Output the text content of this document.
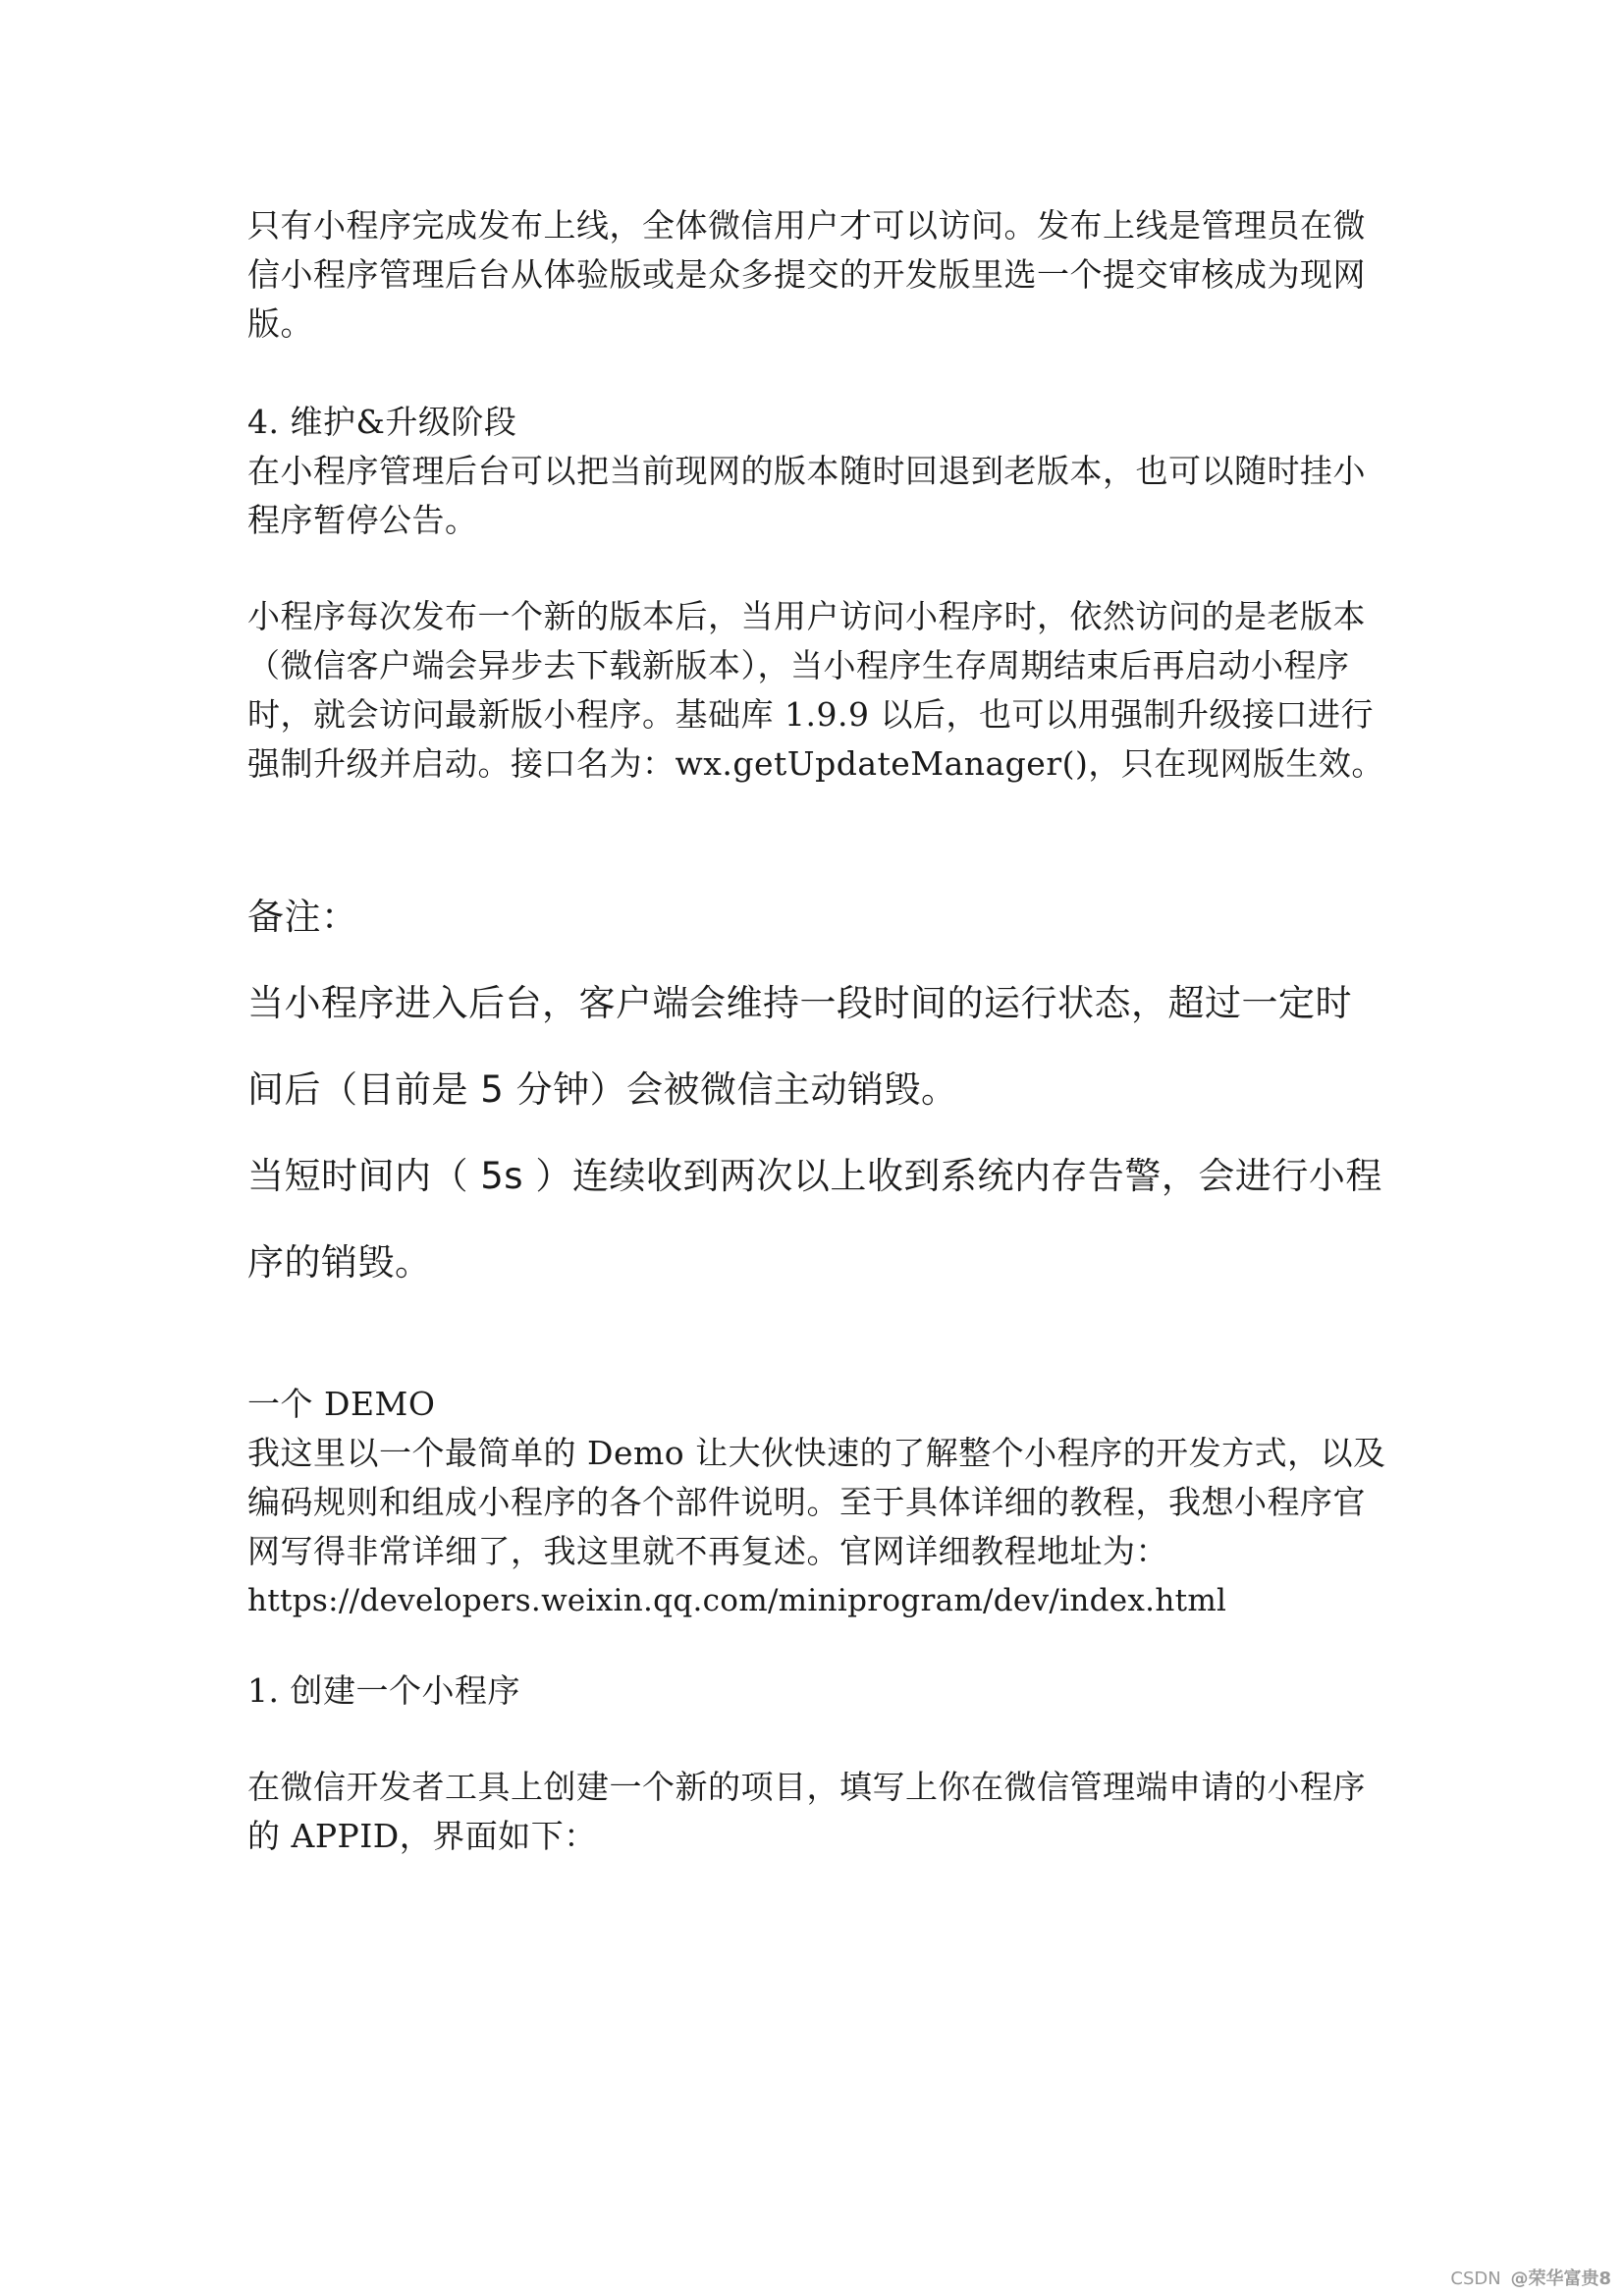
只有小程序完成发布上线，全体微信用户才可以访问。发布上线是管理员在微信小程序管理后台从体验版或是众多提交的开发版里选一个提交审核成为现网版。

4. 维护&升级阶段

在小程序管理后台可以把当前现网的版本随时回退到老版本，也可以随时挂小程序暂停公告。

小程序每次发布一个新的版本后，当用户访问小程序时，依然访问的是老版本（微信客户端会异步去下载新版本），当小程序生存周期结束后再启动小程序时，就会访问最新版小程序。基础库 1.9.9 以后，也可以用强制升级接口进行强制升级并启动。接口名为：wx.getUpdateManager()，只在现网版生效。

备注：

当小程序进入后台，客户端会维持一段时间的运行状态，超过一定时间后（目前是 5 分钟）会被微信主动销毁。

当短时间内（ 5s ）连续收到两次以上收到系统内存告警，会进行小程序的销毁。

一个 DEMO

我这里以一个最简单的 Demo 让大伙快速的了解整个小程序的开发方式，以及编码规则和组成小程序的各个部件说明。至于具体详细的教程，我想小程序官网写得非常详细了，我这里就不再复述。官网详细教程地址为：

https://developers.weixin.qq.com/miniprogram/dev/index.html

1. 创建一个小程序

在微信开发者工具上创建一个新的项目，填写上你在微信管理端申请的小程序的 APPID，界面如下：

CSDN @荣华富贵8
